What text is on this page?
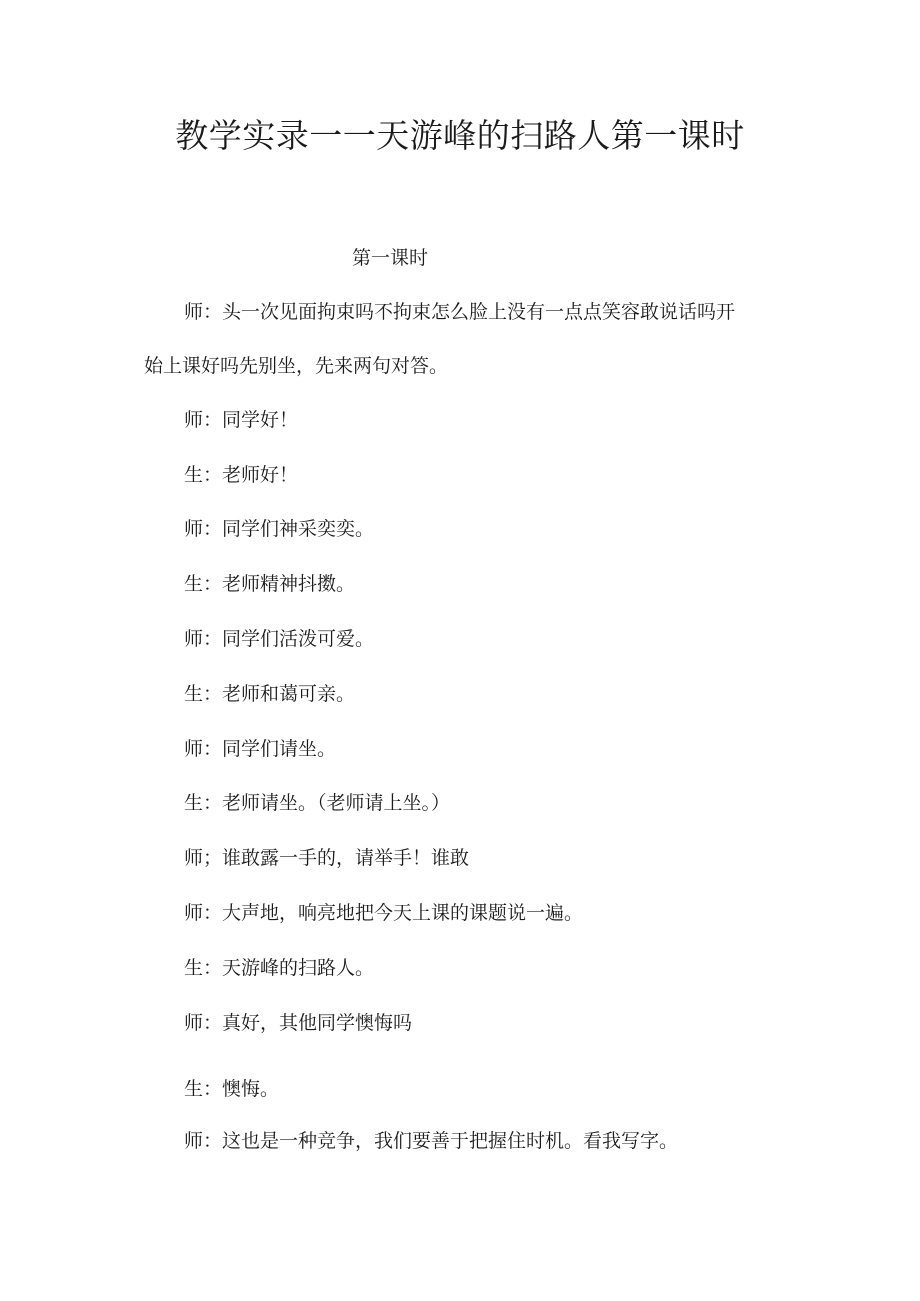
教学实录一一天游峰的扫路人第一课时
第一课时

师：头一次见面拘束吗不拘束怎么脸上没有一点点笑容敢说话吗开

始上课好吗先别坐，先来两句对答。

师：同学好！

生：老师好！

师：同学们神采奕奕。

生：老师精神抖擞。

师：同学们活泼可爱。

生：老师和蔼可亲。

师：同学们请坐。

生：老师请坐。（老师请上坐。）

师；谁敢露一手的，请举手！谁敢

师：大声地，响亮地把今天上课的课题说一遍。

生：天游峰的扫路人。

师：真好，其他同学懊悔吗

生：懊悔。

师：这也是一种竞争，我们要善于把握住时机。看我写字。
